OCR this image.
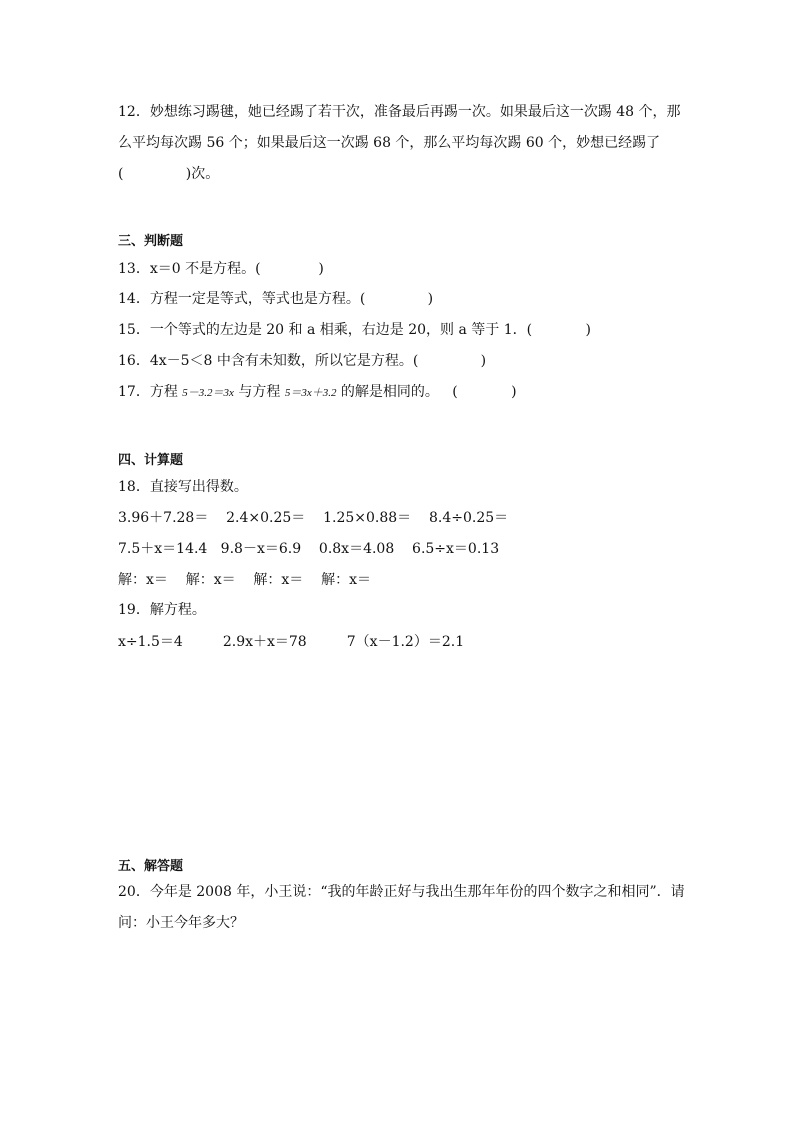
12．妙想练习踢毽，她已经踢了若干次，准备最后再踢一次。如果最后这一次踢 48 个，那
么平均每次踢 56 个；如果最后这一次踢 68 个，那么平均每次踢 60 个，妙想已经踢了
(              )次。
三、判断题
13．x＝0 不是方程。(             )
14．方程一定是等式，等式也是方程。(              )
15．一个等式的左边是 20 和 a 相乘，右边是 20，则 a 等于 1．(            )
16．4x－5＜8 中含有未知数，所以它是方程。(              )
17．方程 5－3.2＝3x 与方程 5＝3x＋3.2 的解是相同的。   (            )
四、计算题
18．直接写出得数。
3.96＋7.28＝    2.4×0.25＝    1.25×0.88＝    8.4÷0.25＝
7.5＋x＝14.4   9.8－x＝6.9    0.8x＝4.08    6.5÷x＝0.13
解：x＝    解：x＝    解：x＝    解：x＝
19．解方程。
x÷1.5＝4         2.9x＋x＝78         7（x－1.2）＝2.1
五、解答题
20．今年是 2008 年，小王说：“我的年龄正好与我出生那年年份的四个数字之和相同”．请
问：小王今年多大？
